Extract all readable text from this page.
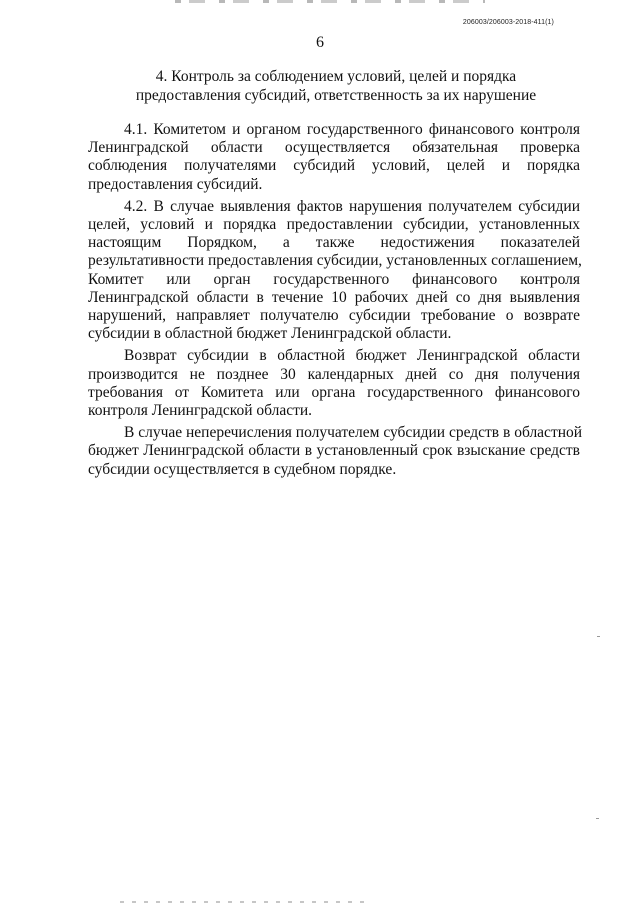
206003/206003-2018-411(1)
6
4. Контроль за соблюдением условий, целей и порядка
предоставления субсидий, ответственность за их нарушение
4.1. Комитетом и органом государственного финансового контроля
Ленинградской области осуществляется обязательная проверка
соблюдения получателями субсидий условий, целей и порядка
предоставления субсидий.
4.2. В случае выявления фактов нарушения получателем субсидии
целей, условий и порядка предоставлении субсидии, установленных
настоящим Порядком, а также недостижения показателей
результативности предоставления субсидии, установленных соглашением,
Комитет или орган государственного финансового контроля
Ленинградской области в течение 10 рабочих дней со дня выявления
нарушений, направляет получателю субсидии требование о возврате
субсидии в областной бюджет Ленинградской области.
Возврат субсидии в областной бюджет Ленинградской области
производится не позднее 30 календарных дней со дня получения
требования от Комитета или органа государственного финансового
контроля Ленинградской области.
В случае неперечисления получателем субсидии средств в областной
бюджет Ленинградской области в установленный срок взыскание средств
субсидии осуществляется в судебном порядке.
